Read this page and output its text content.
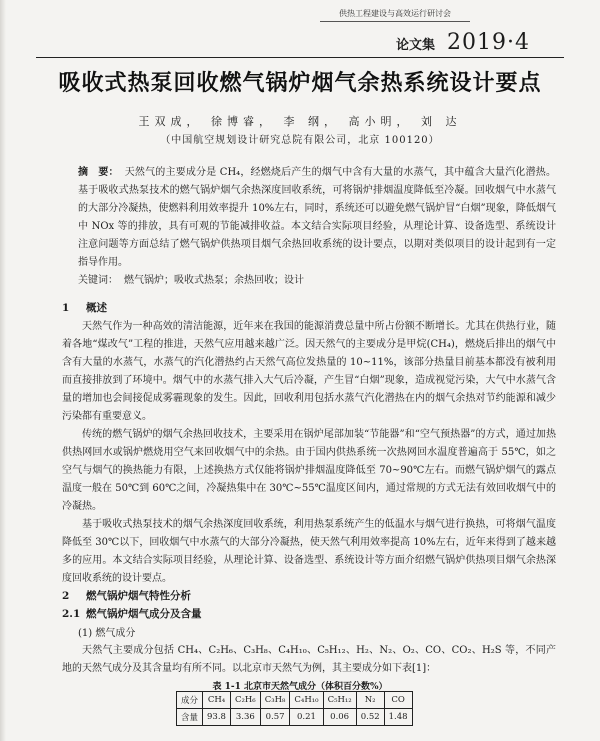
供热工程建设与高效运行研讨会
论文集 2019·4
吸收式热泵回收燃气锅炉烟气余热系统设计要点
王双成， 徐博睿， 李 纲， 高小明， 刘 达
（中国航空规划设计研究总院有限公司，北京 100120）
摘　要： 天然气的主要成分是 CH₄，经燃烧后产生的烟气中含有大量的水蒸气，其中蕴含大量汽化潜热。基于吸收式热泵技术的燃气锅炉烟气余热深度回收系统，可将锅炉排烟温度降低至冷凝。回收烟气中水蒸气的大部分冷凝热，使燃料利用效率提升 10%左右，同时，系统还可以避免燃气锅炉冒“白烟”现象，降低烟气中 NOx 等的排放，具有可观的节能减排收益。本文结合实际项目经验，从理论计算、设备选型、系统设计注意问题等方面总结了燃气锅炉供热项目烟气余热回收系统的设计要点，以期对类似项目的设计起到有一定指导作用。
关键词： 燃气锅炉；吸收式热泵；余热回收；设计
1 概述
天然气作为一种高效的清洁能源，近年来在我国的能源消费总量中所占份额不断增长。尤其在供热行业，随着各地“煤改气”工程的推进，天然气应用越来越广泛。因天然气的主要成分是甲烷(CH₄)，燃烧后排出的烟气中含有大量的水蒸气，水蒸气的汽化潜热约占天然气高位发热量的 10~11%，该部分热量目前基本都没有被利用而直接排放到了环境中。烟气中的水蒸气排入大气后冷凝，产生冒“白烟”现象，造成视觉污染，大气中水蒸气含量的增加也会间接促成雾霾现象的发生。因此，回收利用包括水蒸气汽化潜热在内的烟气余热对节约能源和减少污染都有重要意义。
传统的燃气锅炉的烟气余热回收技术，主要采用在锅炉尾部加装“节能器”和“空气预热器”的方式，通过加热供热网回水或锅炉燃烧用空气来回收烟气中的余热。由于国内供热系统一次热网回水温度普遍高于 55℃，如之空气与烟气的换热能力有限，上述换热方式仅能将锅炉排烟温度降低至 70~90℃左右。而燃气锅炉烟气的露点温度一般在 50℃到 60℃之间，冷凝热集中在 30℃~55℃温度区间内，通过常规的方式无法有效回收烟气中的冷凝热。
基于吸收式热泵技术的烟气余热深度回收系统，利用热泵系统产生的低温水与烟气进行换热，可将烟气温度降低至 30℃以下，回收烟气中水蒸气的大部分冷凝热，使天然气利用效率提高 10%左右，近年来得到了越来越多的应用。本文结合实际项目经验，从理论计算、设备选型、系统设计等方面介绍燃气锅炉供热项目烟气余热深度回收系统的设计要点。
2 燃气锅炉烟气特性分析
2.1 燃气锅炉烟气成分及含量
(1) 燃气成分
天然气主要成分包括 CH₄、C₂H₆、C₃H₈、C₄H₁₀、C₅H₁₂、H₂、N₂、O₂、CO、CO₂、H₂S 等，不同产地的天然气成分及其含量均有所不同。以北京市天然气为例，其主要成分如下表[1]：
表 1-1 北京市天然气成分（体积百分数%）
成分	CH₄	C₂H₆	C₃H₈	C₄H₁₀	C₅H₁₂	N₂	CO
含量	93.8	3.36	0.57	0.21	0.06	0.52	1.48
